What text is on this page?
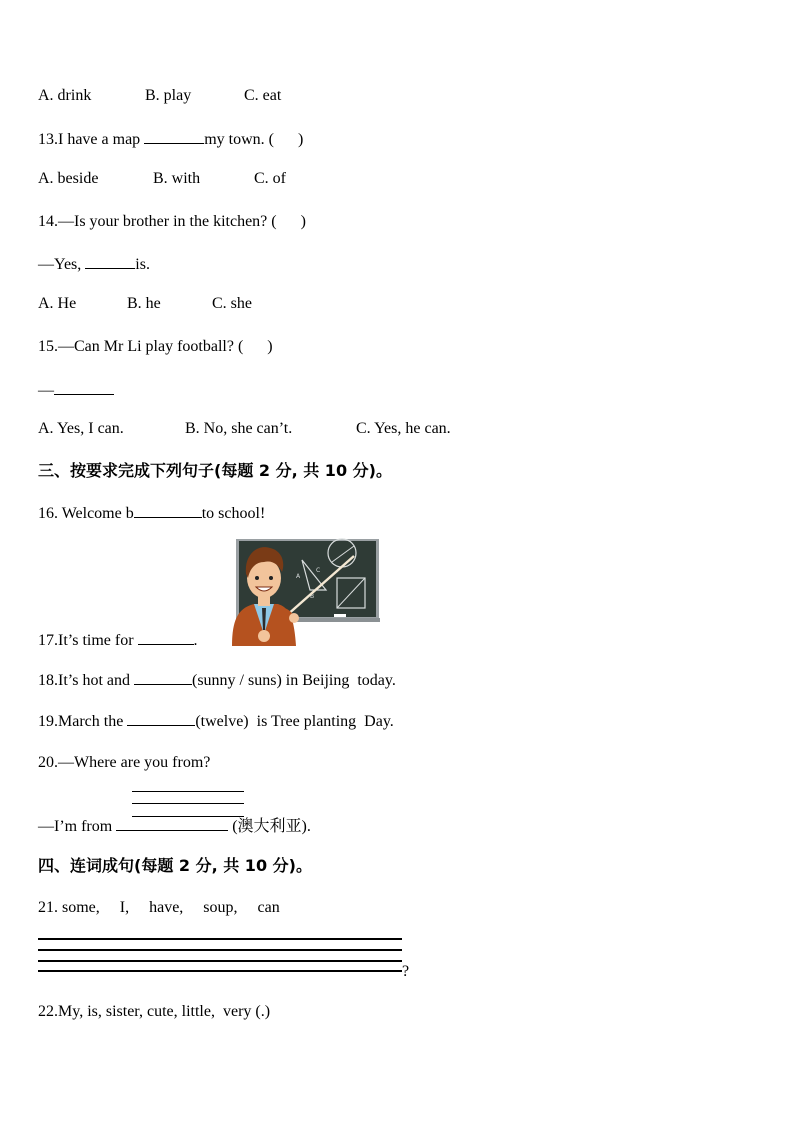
A. drink	B. play	C. eat
13.I have a map	my town. (      )
A. beside	B. with	C. of
14.—Is your brother in the kitchen? (      )
—Yes,	is.
A. He	B. he	C. she
15.—Can Mr Li play football? (      )
—
A. Yes, I can.	B. No, she can’t.	C. Yes, he can.
三、按要求完成下列句子(每题 2 分, 共 10 分)。
16. Welcome b	to school!
A
C
B
17.It’s time for	.
18.It’s hot and	(sunny / suns) in Beijing  today.
19.March the	(twelve)  is Tree planting  Day.
20.—Where are you from?
—I’m from	(澳大利亚).
四、连词成句(每题 2 分, 共 10 分)。
21. some,     I,     have,     soup,     can
?
22.My, is, sister, cute, little,  very (.)
